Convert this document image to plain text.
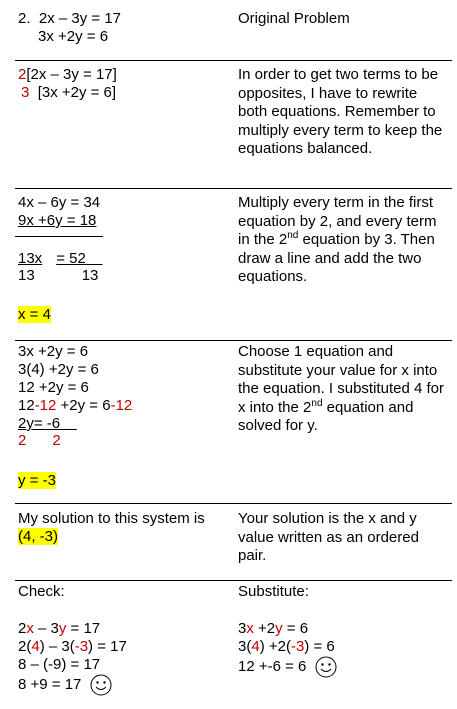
2. 2x – 3y = 17
3x +2y = 6
Original Problem
2[2x – 3y = 17]
3 [3x +2y = 6]
In order to get two terms to be opposites, I have to rewrite both equations. Remember to multiply every term to keep the equations balanced.
4x – 6y = 34
9x +6y = 18
13x = 52
13	13
x = 4
Multiply every term in the first equation by 2, and every term in the 2nd equation by 3. Then draw a line and add the two equations.
3x +2y = 6
3(4) +2y = 6
12 +2y = 6
12-12 +2y = 6-12
2y= -6
2 2
y = -3
Choose 1 equation and substitute your value for x into the equation. I substituted 4 for x into the 2nd equation and solved for y.
My solution to this system is
(4, -3)
Your solution is the x and y value written as an ordered pair.
Check:
2x – 3y = 17
2(4) – 3(-3) = 17
8 – (-9) = 17
8 +9 = 17
Substitute:
3x +2y = 6
3(4) +2(-3) = 6
12 +-6 = 6
